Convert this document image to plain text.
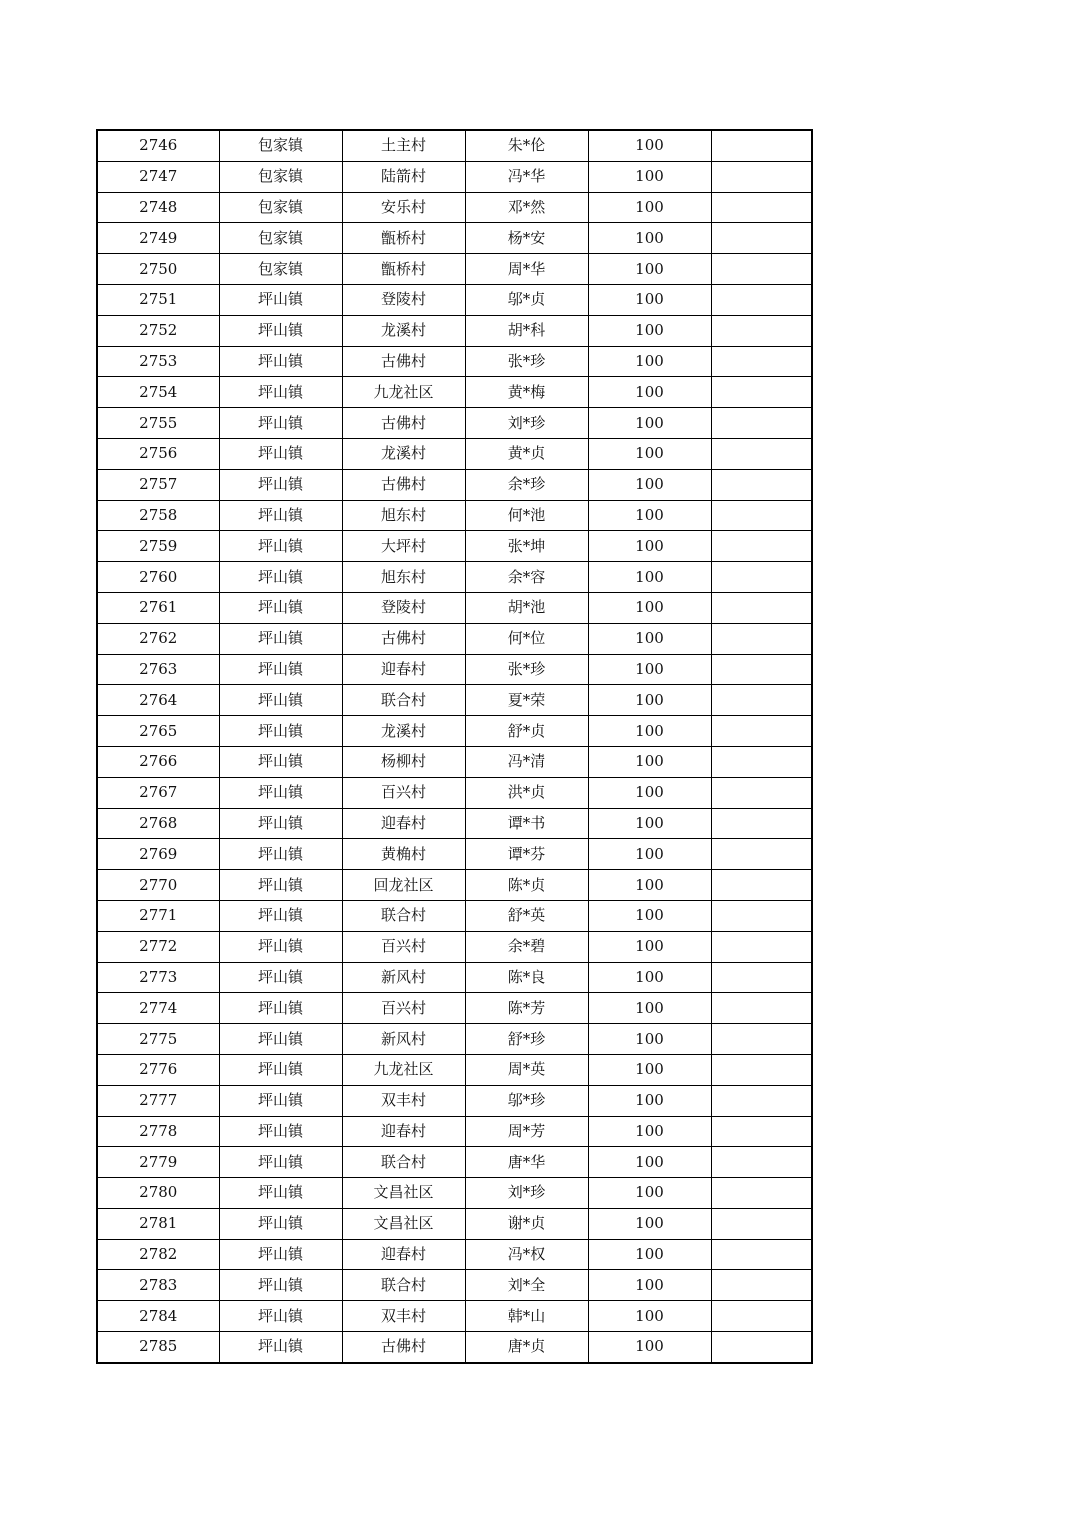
2746	包家镇	土主村	朱*伦	100	
2747	包家镇	陆箭村	冯*华	100	
2748	包家镇	安乐村	邓*然	100	
2749	包家镇	甑桥村	杨*安	100	
2750	包家镇	甑桥村	周*华	100	
2751	坪山镇	登陵村	邬*贞	100	
2752	坪山镇	龙溪村	胡*科	100	
2753	坪山镇	古佛村	张*珍	100	
2754	坪山镇	九龙社区	黄*梅	100	
2755	坪山镇	古佛村	刘*珍	100	
2756	坪山镇	龙溪村	黄*贞	100	
2757	坪山镇	古佛村	余*珍	100	
2758	坪山镇	旭东村	何*池	100	
2759	坪山镇	大坪村	张*坤	100	
2760	坪山镇	旭东村	余*容	100	
2761	坪山镇	登陵村	胡*池	100	
2762	坪山镇	古佛村	何*位	100	
2763	坪山镇	迎春村	张*珍	100	
2764	坪山镇	联合村	夏*荣	100	
2765	坪山镇	龙溪村	舒*贞	100	
2766	坪山镇	杨柳村	冯*清	100	
2767	坪山镇	百兴村	洪*贞	100	
2768	坪山镇	迎春村	谭*书	100	
2769	坪山镇	黄桷村	谭*芬	100	
2770	坪山镇	回龙社区	陈*贞	100	
2771	坪山镇	联合村	舒*英	100	
2772	坪山镇	百兴村	余*碧	100	
2773	坪山镇	新风村	陈*良	100	
2774	坪山镇	百兴村	陈*芳	100	
2775	坪山镇	新风村	舒*珍	100	
2776	坪山镇	九龙社区	周*英	100	
2777	坪山镇	双丰村	邬*珍	100	
2778	坪山镇	迎春村	周*芳	100	
2779	坪山镇	联合村	唐*华	100	
2780	坪山镇	文昌社区	刘*珍	100	
2781	坪山镇	文昌社区	谢*贞	100	
2782	坪山镇	迎春村	冯*权	100	
2783	坪山镇	联合村	刘*全	100	
2784	坪山镇	双丰村	韩*山	100	
2785	坪山镇	古佛村	唐*贞	100	
